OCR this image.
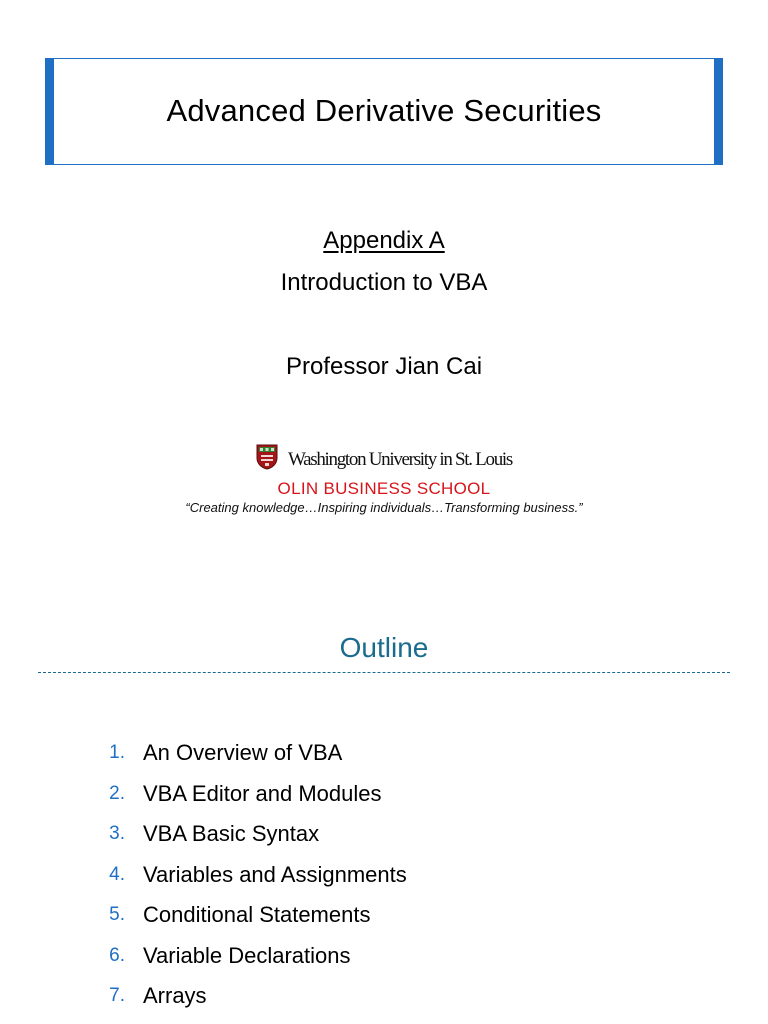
Advanced Derivative Securities
Appendix A
Introduction to VBA
Professor Jian Cai
Washington University in St. Louis
OLIN BUSINESS SCHOOL
“Creating knowledge…Inspiring individuals…Transforming business.”
Outline
1. An Overview of VBA
2. VBA Editor and Modules
3. VBA Basic Syntax
4. Variables and Assignments
5. Conditional Statements
6. Variable Declarations
7. Arrays
